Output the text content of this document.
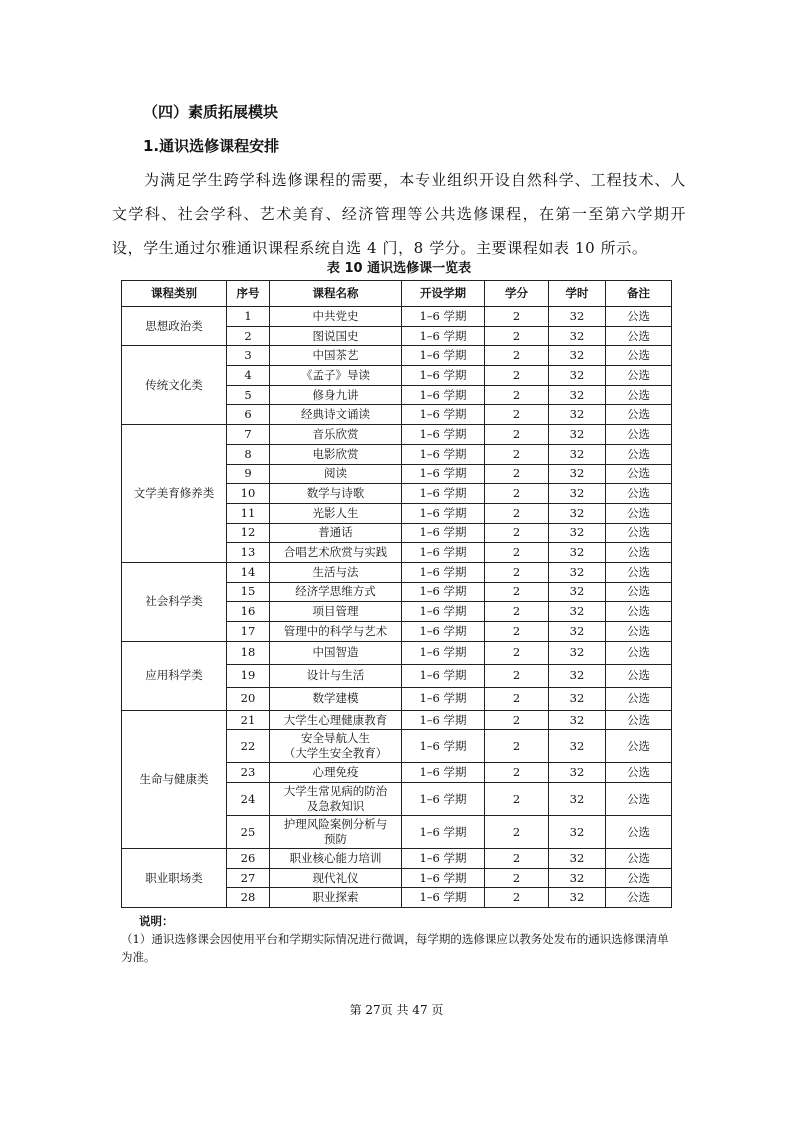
（四）素质拓展模块
1.通识选修课程安排

为满足学生跨学科选修课程的需要，本专业组织开设自然科学、工程技术、人文学科、社会学科、艺术美育、经济管理等公共选修课程，在第一至第六学期开设，学生通过尔雅通识课程系统自选 4 门，8 学分。主要课程如表 10 所示。

表 10 通识选修课一览表

课程类别	序号	课程名称	开设学期	学分	学时	备注
思想政治类	1	中共党史	1–6 学期	2	32	公选
	2	图说国史	1–6 学期	2	32	公选
传统文化类	3	中国茶艺	1–6 学期	2	32	公选
	4	《孟子》导读	1–6 学期	2	32	公选
	5	修身九讲	1–6 学期	2	32	公选
	6	经典诗文诵读	1–6 学期	2	32	公选
文学美育修养类	7	音乐欣赏	1–6 学期	2	32	公选
	8	电影欣赏	1–6 学期	2	32	公选
	9	阅读	1–6 学期	2	32	公选
	10	数学与诗歌	1–6 学期	2	32	公选
	11	光影人生	1–6 学期	2	32	公选
	12	普通话	1–6 学期	2	32	公选
	13	合唱艺术欣赏与实践	1–6 学期	2	32	公选
社会科学类	14	生活与法	1–6 学期	2	32	公选
	15	经济学思维方式	1–6 学期	2	32	公选
	16	项目管理	1–6 学期	2	32	公选
	17	管理中的科学与艺术	1–6 学期	2	32	公选
应用科学类	18	中国智造	1–6 学期	2	32	公选
	19	设计与生活	1–6 学期	2	32	公选
	20	数学建模	1–6 学期	2	32	公选
生命与健康类	21	大学生心理健康教育	1–6 学期	2	32	公选
	22	安全导航人生
（大学生安全教育）	1–6 学期	2	32	公选
	23	心理免疫	1–6 学期	2	32	公选
	24	大学生常见病的防治
及急救知识	1–6 学期	2	32	公选
	25	护理风险案例分析与
预防	1–6 学期	2	32	公选
职业职场类	26	职业核心能力培训	1–6 学期	2	32	公选
	27	现代礼仪	1–6 学期	2	32	公选
	28	职业探索	1–6 学期	2	32	公选
说明：
（1）通识选修课会因使用平台和学期实际情况进行微调，每学期的选修课应以教务处发布的通识选修课清单为准。

第 27页 共 47 页
